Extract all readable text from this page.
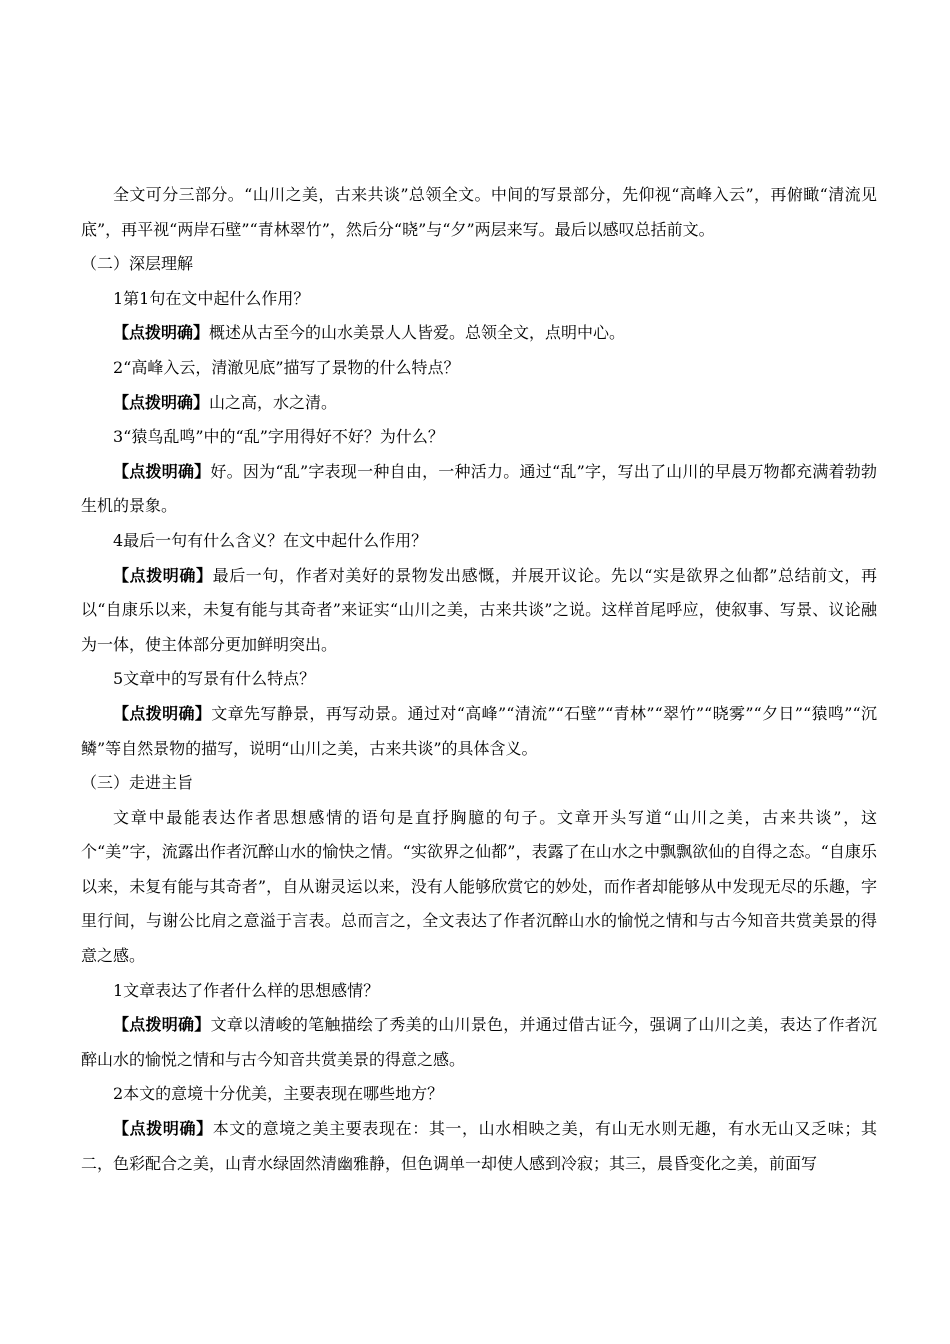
全文可分三部分。“山川之美，古来共谈”总领全文。中间的写景部分，先仰视“高峰入云”，再俯瞰“清流见底”，再平视“两岸石壁”“青林翠竹”，然后分“晓”与“夕”两层来写。最后以感叹总括前文。

（二）深层理解

1第1句在文中起什么作用？

【点拨明确】概述从古至今的山水美景人人皆爱。总领全文，点明中心。

2“高峰入云，清澈见底”描写了景物的什么特点？

【点拨明确】山之高，水之清。

3“猿鸟乱鸣”中的“乱”字用得好不好？为什么？

【点拨明确】好。因为“乱”字表现一种自由，一种活力。通过“乱”字，写出了山川的早晨万物都充满着勃勃生机的景象。

4最后一句有什么含义？在文中起什么作用？

【点拨明确】最后一句，作者对美好的景物发出感慨，并展开议论。先以“实是欲界之仙都”总结前文，再以“自康乐以来，未复有能与其奇者”来证实“山川之美，古来共谈”之说。这样首尾呼应，使叙事、写景、议论融为一体，使主体部分更加鲜明突出。

5文章中的写景有什么特点？

【点拨明确】文章先写静景，再写动景。通过对“高峰”“清流”“石壁”“青林”“翠竹”“晓雾”“夕日”“猿鸣”“沉鳞”等自然景物的描写，说明“山川之美，古来共谈”的具体含义。

（三）走进主旨

文章中最能表达作者思想感情的语句是直抒胸臆的句子。文章开头写道“山川之美，古来共谈”，这个“美”字，流露出作者沉醉山水的愉快之情。“实欲界之仙都”，表露了在山水之中飘飘欲仙的自得之态。“自康乐以来，未复有能与其奇者”，自从谢灵运以来，没有人能够欣赏它的妙处，而作者却能够从中发现无尽的乐趣，字里行间，与谢公比肩之意溢于言表。总而言之，全文表达了作者沉醉山水的愉悦之情和与古今知音共赏美景的得意之感。

1文章表达了作者什么样的思想感情？

【点拨明确】文章以清峻的笔触描绘了秀美的山川景色，并通过借古证今，强调了山川之美，表达了作者沉醉山水的愉悦之情和与古今知音共赏美景的得意之感。

2本文的意境十分优美，主要表现在哪些地方？

【点拨明确】本文的意境之美主要表现在：其一，山水相映之美，有山无水则无趣，有水无山又乏味；其二，色彩配合之美，山青水绿固然清幽雅静，但色调单一却使人感到冷寂；其三，晨昏变化之美，前面写
